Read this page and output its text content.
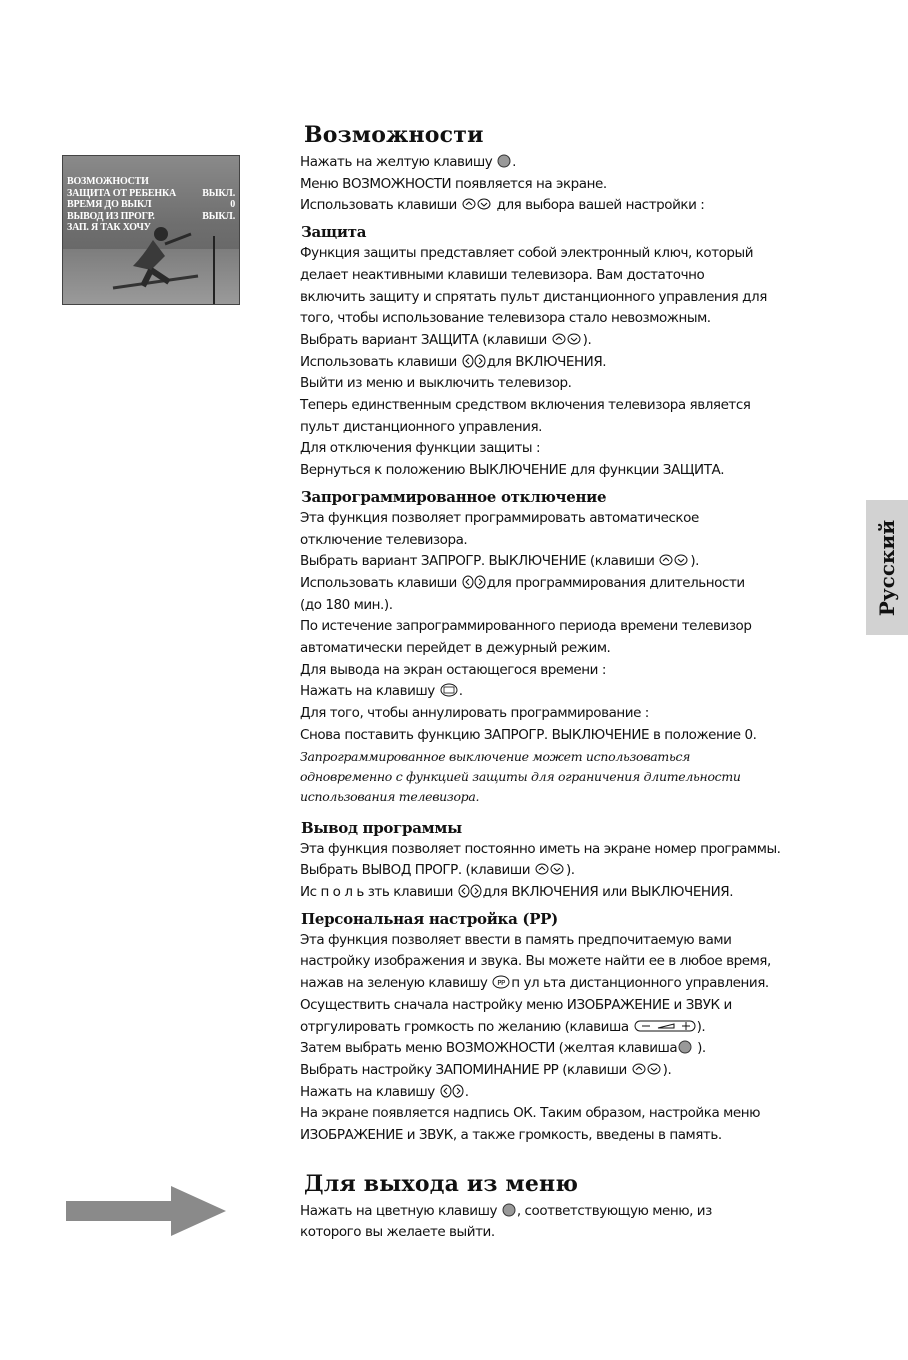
ВОЗМОЖНОСТИ
ЗАЩИТА ОТ РЕБЕНКА	ВЫКЛ.
ВРЕМЯ ДО ВЫКЛ	0
ВЫВОД ИЗ ПРОГР.	ВЫКЛ.
ЗАП. Я ТАК ХОЧУ
Возможности

Нажать на желтую клавишу .

Меню ВОЗМОЖНОСТИ появляется на экране.

Использовать клавиши	для выбора вашей настройки :

Защита

Функция защиты представляет собой электронный ключ, который

делает неактивными клавиши телевизора. Вам достаточно

включить защиту и спрятать пульт дистанционного управления для

того, чтобы использование телевизора стало невозможным.

Выбрать вариант ЗАЩИТА (клавиши	).

Использовать клавиши для ВКЛЮЧЕНИЯ.

Выйти из меню и выключить телевизор.

Теперь единственным средством включения телевизора является

пульт дистанционного управления.

Для отключения функции защиты :

Вернуться к положению ВЫКЛЮЧЕНИЕ для функции ЗАЩИТА.

Запрограммированное отключение

Эта функция позволяет программировать автоматическое

отключение телевизора.

Выбрать вариант ЗАПРОГР. ВЫКЛЮЧЕНИЕ (клавиши	).

Использовать клавиши для программирования длительности

(до 180 мин.).

По истечение запрограммированного периода времени телевизор

автоматически перейдет в дежурный режим.

Для вывода на экран остающегося времени :

Нажать на клавишу .

Для того, чтобы аннулировать программирование :

Снова поставить функцию ЗАПРОГР. ВЫКЛЮЧЕНИЕ в положение 0.

Запрограммированное выключение может использоваться

одновременно с функцией защиты для ограничения длительности

использования телевизора.

Вывод программы

Эта функция позволяет постоянно иметь на экране номер программы.

Выбрать ВЫВОД ПРОГР. (клавиши	).

Ис п о л ь зть клавиши для ВКЛЮЧЕНИЯ или ВЫКЛЮЧЕНИЯ.

Персональная настройка (PP)

Эта функция позволяет ввести в память предпочитаемую вами

настройку изображения и звука. Вы можете найти ее в любое время,

нажав на зеленую клавишу PP п ул ьта дистанционного управления.

Осуществить сначала настройку меню ИЗОБРАЖЕНИЕ и ЗВУК и

отргулировать громкость по желанию (клавиша	).

Затем выбрать меню ВОЗМОЖНОСТИ (желтая клавиша ).

Выбрать настройку ЗАПОМИНАНИЕ PP (клавиши	).

Нажать на клавишу .

На экране появляется надпись ОК. Таким образом, настройка меню

ИЗОБРАЖЕНИЕ и ЗВУК, а также громкость, введены в память.

Для выхода из меню

Нажать на цветную клавишу , соответствующую меню, из

которого вы желаете выйти.

Русский
